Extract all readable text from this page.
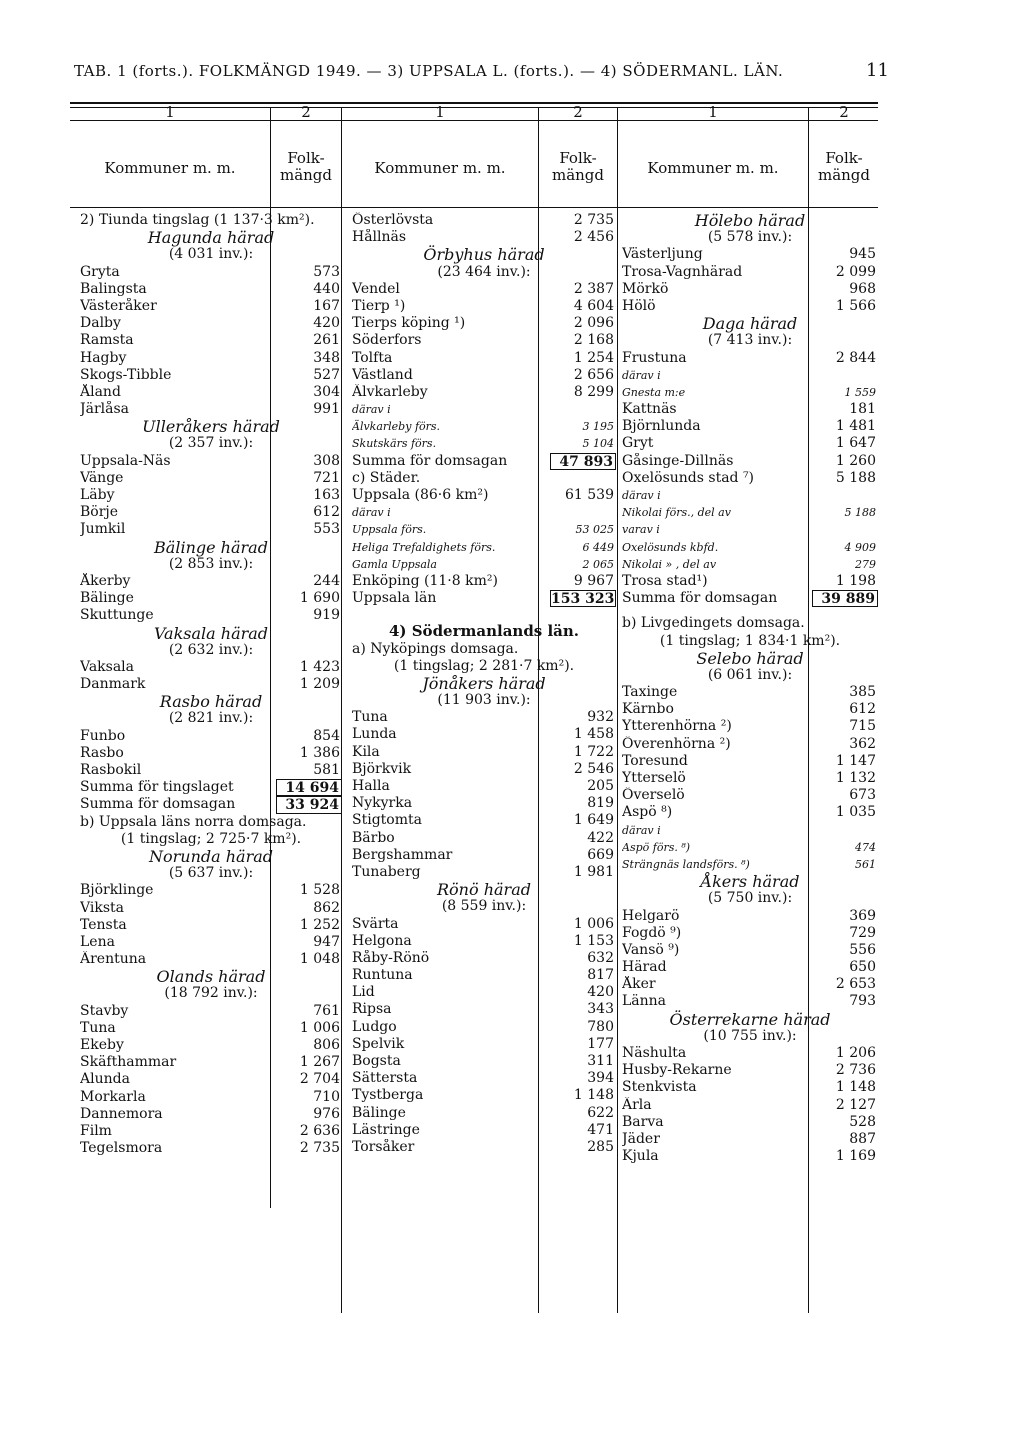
TAB. 1 (forts.). FOLKMÄNGD 1949. — 3) UPPSALA L. (forts.). — 4) SÖDERMANL. LÄN.	11
1	2
Kommuner m. m.
Folk-
mängd
1	2
Kommuner m. m.
Folk-
mängd
1	2
Kommuner m. m.
Folk-
mängd
2) Tiunda tingslag (1 137·3 km²).
Hagunda härad
(4 031 inv.):
Gryta	573
Balingsta	440
Västeråker	167
Dalby	420
Ramsta	261
Hagby	348
Skogs-Tibble	527
Åland	304
Järlåsa	991
Ulleråkers härad
(2 357 inv.):
Uppsala-Näs	308
Vänge	721
Läby	163
Börje	612
Jumkil	553
Bälinge härad
(2 853 inv.):
Åkerby	244
Bälinge	1 690
Skuttunge	919
Vaksala härad
(2 632 inv.):
Vaksala	1 423
Danmark	1 209
Rasbo härad
(2 821 inv.):
Funbo	854
Rasbo	1 386
Rasbokil	581
Summa för tingslaget	14 694
Summa för domsagan	33 924
b) Uppsala läns norra domsaga.
(1 tingslag; 2 725·7 km²).
Norunda härad
(5 637 inv.):
Björklinge	1 528
Viksta	862
Tensta	1 252
Lena	947
Ärentuna	1 048
Olands härad
(18 792 inv.):
Stavby	761
Tuna	1 006
Ekeby	806
Skäfthammar	1 267
Alunda	2 704
Morkarla	710
Dannemora	976
Film	2 636
Tegelsmora	2 735
Österlövsta	2 735
Hållnäs	2 456
Örbyhus härad
(23 464 inv.):
Vendel	2 387
Tierp ¹)	4 604
Tierps köping ¹)	2 096
Söderfors	2 168
Tolfta	1 254
Västland	2 656
Älvkarleby	8 299
därav i
Älvkarleby förs.	3 195
Skutskärs förs.	5 104
Summa för domsagan	47 893
c) Städer.
Uppsala (86·6 km²)	61 539
därav i
Uppsala förs.	53 025
Heliga Trefaldighets förs.	6 449
Gamla Uppsala	2 065
Enköping (11·8 km²)	9 967
Uppsala län	153 323
4) Södermanlands län.
a) Nyköpings domsaga.
(1 tingslag; 2 281·7 km²).
Jönåkers härad
(11 903 inv.):
Tuna	932
Lunda	1 458
Kila	1 722
Björkvik	2 546
Halla	205
Nykyrka	819
Stigtomta	1 649
Bärbo	422
Bergshammar	669
Tunaberg	1 981
Rönö härad
(8 559 inv.):
Svärta	1 006
Helgona	1 153
Råby-Rönö	632
Runtuna	817
Lid	420
Ripsa	343
Ludgo	780
Spelvik	177
Bogsta	311
Sättersta	394
Tystberga	1 148
Bälinge	622
Lästringe	471
Torsåker	285
Hölebo härad
(5 578 inv.):
Västerljung	945
Trosa-Vagnhärad	2 099
Mörkö	968
Hölö	1 566
Daga härad
(7 413 inv.):
Frustuna	2 844
därav i
Gnesta m:e	1 559
Kattnäs	181
Björnlunda	1 481
Gryt	1 647
Gåsinge-Dillnäs	1 260
Oxelösunds stad ⁷)	5 188
därav i
Nikolai förs., del av	5 188
varav i
Oxelösunds kbfd.	4 909
Nikolai » , del av	279
Trosa stad¹)	1 198
Summa för domsagan	39 889
b) Livgedingets domsaga.
(1 tingslag; 1 834·1 km²).
Selebo härad
(6 061 inv.):
Taxinge	385
Kärnbo	612
Ytterenhörna ²)	715
Överenhörna ²)	362
Toresund	1 147
Ytterselö	1 132
Överselö	673
Aspö ⁸)	1 035
därav i
Aspö förs. ⁸)	474
Strängnäs landsförs. ⁸)	561
Åkers härad
(5 750 inv.):
Helgarö	369
Fogdö ⁹)	729
Vansö ⁹)	556
Härad	650
Åker	2 653
Länna	793
Österrekarne härad
(10 755 inv.):
Näshulta	1 206
Husby-Rekarne	2 736
Stenkvista	1 148
Ärla	2 127
Barva	528
Jäder	887
Kjula	1 169
